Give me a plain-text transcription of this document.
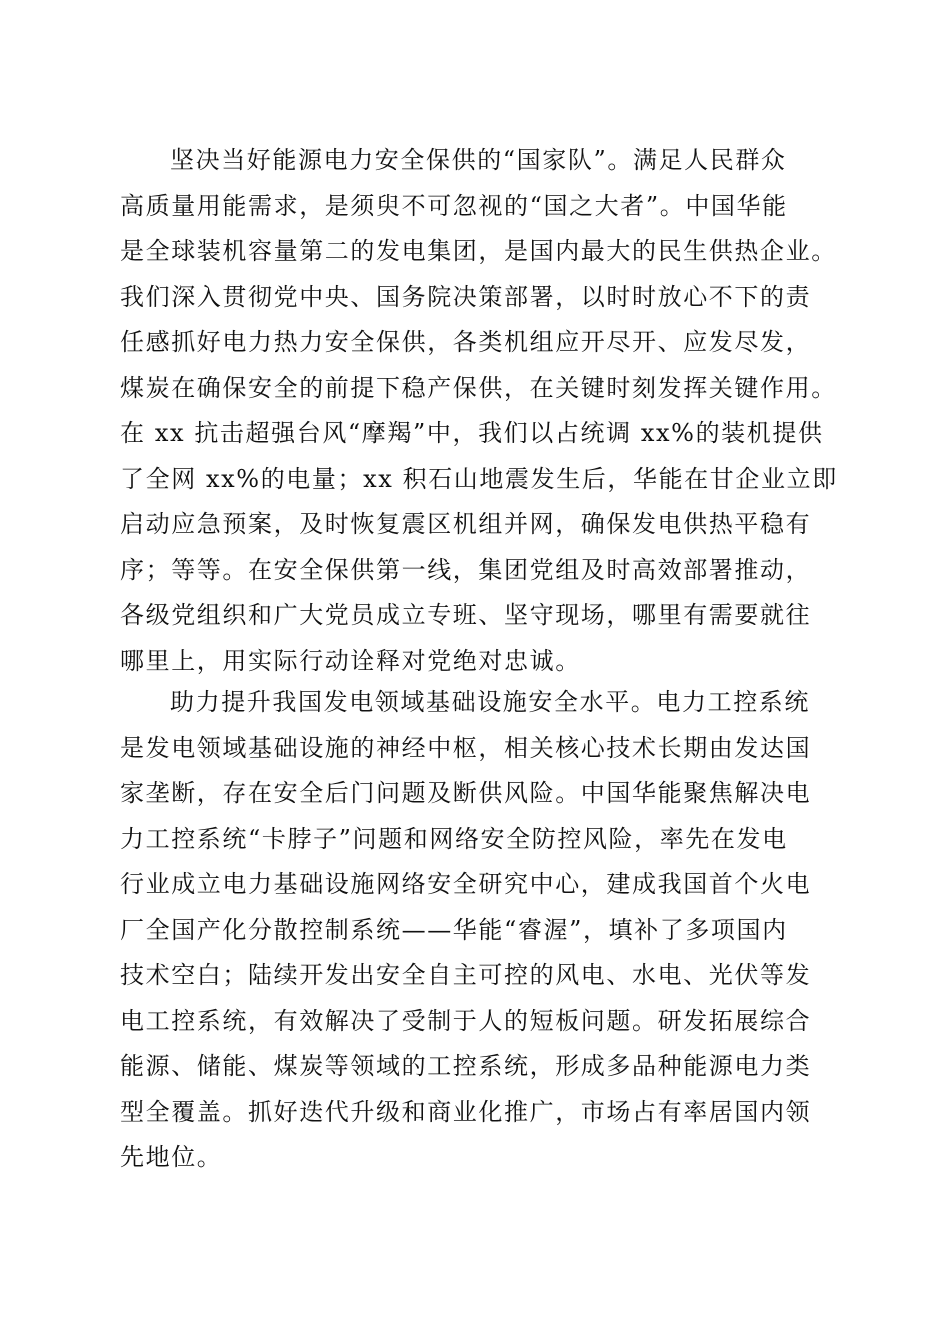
坚决当好能源电力安全保供的“国家队”。满足人民群众
高质量用能需求，是须臾不可忽视的“国之大者”。中国华能
是全球装机容量第二的发电集团，是国内最大的民生供热企业。
我们深入贯彻党中央、国务院决策部署，以时时放心不下的责
任感抓好电力热力安全保供，各类机组应开尽开、应发尽发，
煤炭在确保安全的前提下稳产保供，在关键时刻发挥关键作用。
在 xx 抗击超强台风“摩羯”中，我们以占统调 xx%的装机提供
了全网 xx%的电量；xx 积石山地震发生后，华能在甘企业立即
启动应急预案，及时恢复震区机组并网，确保发电供热平稳有
序；等等。在安全保供第一线，集团党组及时高效部署推动，
各级党组织和广大党员成立专班、坚守现场，哪里有需要就往
哪里上，用实际行动诠释对党绝对忠诚。
助力提升我国发电领域基础设施安全水平。电力工控系统
是发电领域基础设施的神经中枢，相关核心技术长期由发达国
家垄断，存在安全后门问题及断供风险。中国华能聚焦解决电
力工控系统“卡脖子”问题和网络安全防控风险，率先在发电
行业成立电力基础设施网络安全研究中心，建成我国首个火电
厂全国产化分散控制系统——华能“睿渥”，填补了多项国内
技术空白；陆续开发出安全自主可控的风电、水电、光伏等发
电工控系统，有效解决了受制于人的短板问题。研发拓展综合
能源、储能、煤炭等领域的工控系统，形成多品种能源电力类
型全覆盖。抓好迭代升级和商业化推广，市场占有率居国内领
先地位。
